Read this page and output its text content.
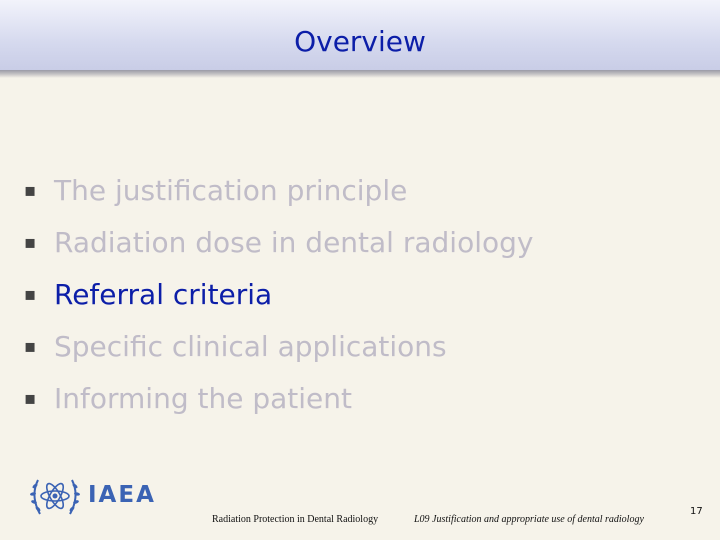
Overview
▪ The justification principle
▪ Radiation dose in dental radiology
▪ Referral criteria
▪ Specific clinical applications
▪ Informing the patient
IAEA
Radiation Protection in Dental Radiology	L09 Justification and appropriate use of dental radiology
17
